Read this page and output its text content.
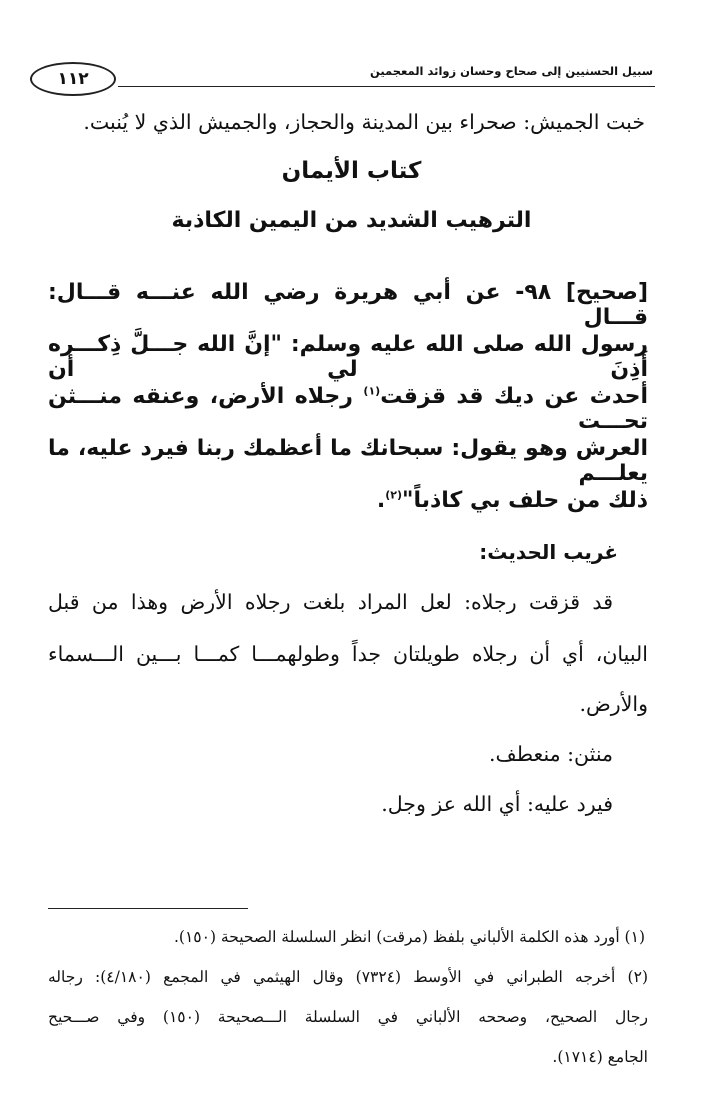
سبيل الحسنيين إلى صحاح وحسان زوائد المعجمين
١١٢
خبت الجميش: صحراء بين المدينة والحجاز، والجميش الذي لا يُنبت.
كتاب الأيمان
الترهيب الشديد من اليمين الكاذبة
[صحيح] ٩٨- عن أبي هريرة رضي الله عنـــه قـــال: قـــال
رسول الله صلى الله عليه وسلم: "إنَّ الله جـــلَّ ذِكـــره أَذِنَ لي أن
أحدث عن ديك قد قزقت$^{(١)}$ رجلاه الأرض، وعنقه منـــثن تحـــت
العرش وهو يقول: سبحانك ما أعظمك ربنا فيرد عليه، ما يعلـــم
ذلك من حلف بي كاذباً"$^{(٢)}$.
غريب الحديث:
قد قزقت رجلاه: لعل المراد بلغت رجلاه الأرض وهذا من قبل
البيان، أي أن رجلاه طويلتان جداً وطولهمـــا كمـــا بـــين الـــسماء
والأرض.
منثن: منعطف.
فيرد عليه: أي الله عز وجل.
(١) أورد هذه الكلمة الألباني بلفظ (مرقت) انظر السلسلة الصحيحة (١٥٠).
(٢) أخرجه الطبراني في الأوسط (٧٣٢٤) وقال الهيثمي في المجمع (٤/١٨٠): رجاله
رجال الصحيح، وصححه الألباني في السلسلة الـــصحيحة (١٥٠) وفي صـــحيح
الجامع (١٧١٤).
